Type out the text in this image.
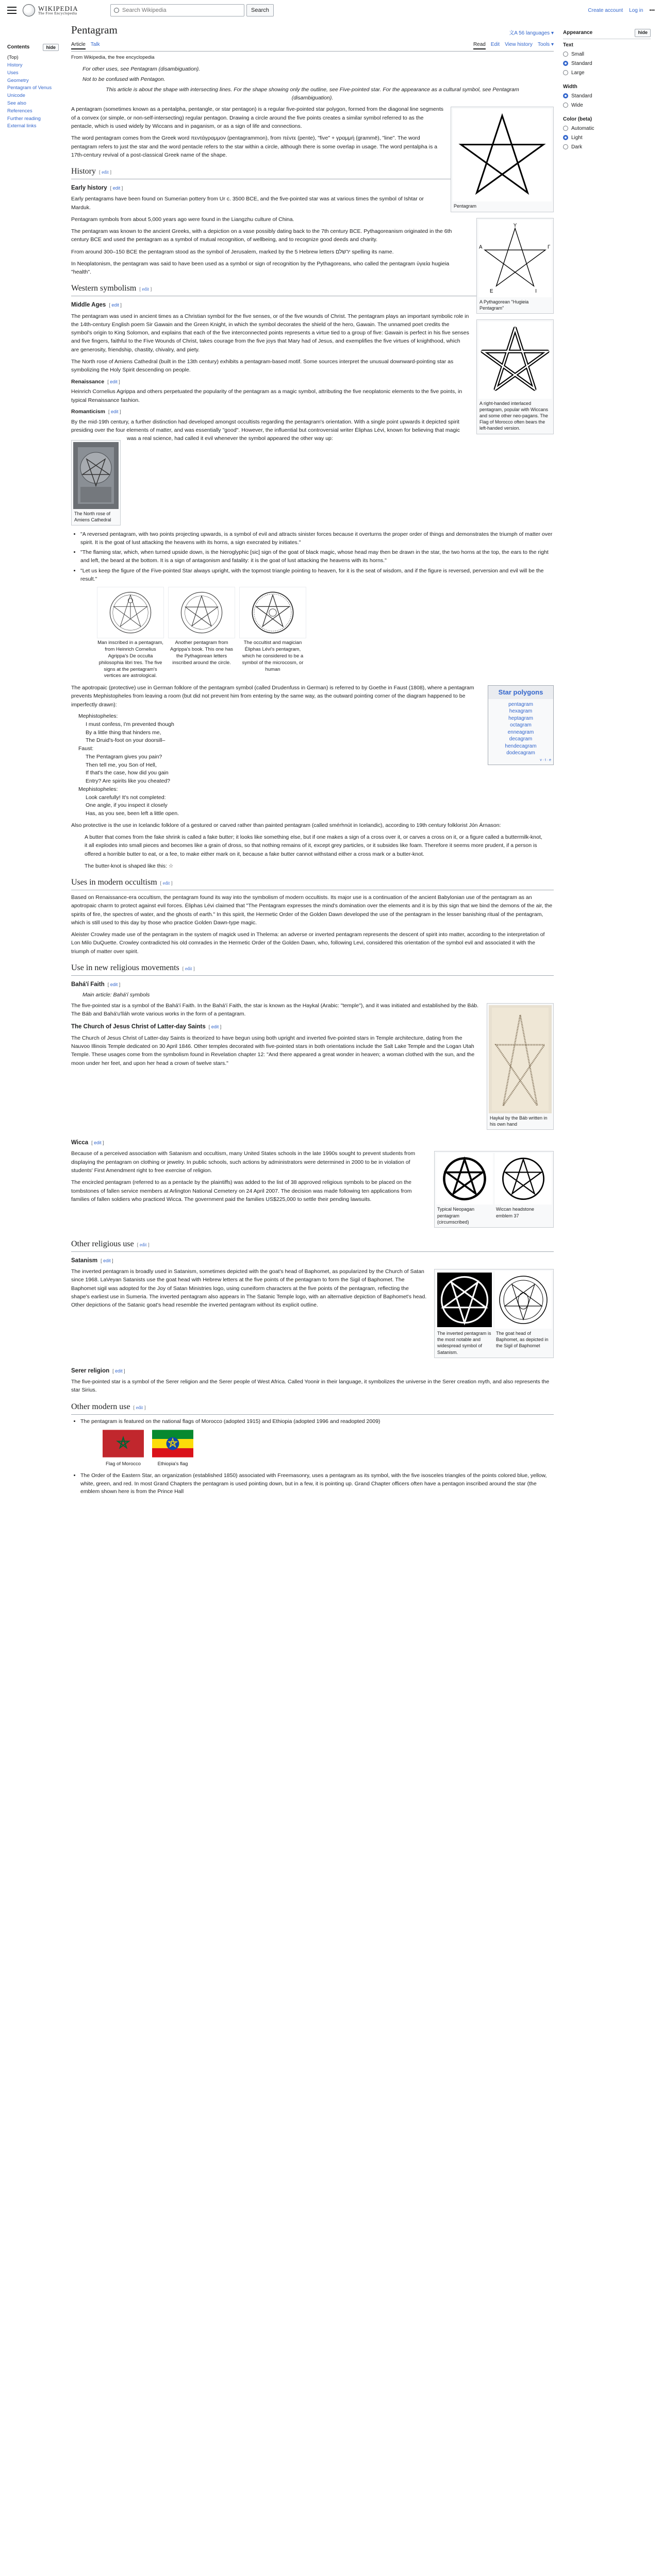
WIKIPEDIA
The Free Encyclopedia
Search Wikipedia	Search	Create account Log in •••
Contents	hide
(Top)
History
Uses
Geometry
Pentagram of Venus
Unicode
See also
References
Further reading
External links
Pentagram	文A 56 languages ▾
Article Talk	Read Edit View history Tools ▾
From Wikipedia, the free encyclopedia
For other uses, see Pentagram (disambiguation).
Not to be confused with Pentagon.
This article is about the shape with intersecting lines. For the shape showing only the outline, see Five-pointed star. For the appearance as a cultural symbol, see Pentagram (disambiguation).
Pentagram

A pentagram (sometimes known as a pentalpha, pentangle, or star pentagon) is a regular five-pointed star polygon, formed from the diagonal line segments of a convex (or simple, or non-self-intersecting) regular pentagon. Drawing a circle around the five points creates a similar symbol referred to as the pentacle, which is used widely by Wiccans and in paganism, or as a sign of life and connections.

The word pentagram comes from the Greek word πεντάγραμμον (pentagrammon), from πέντε (pente), "five" + γραμμή (grammē), "line". The word pentagram refers to just the star and the word pentacle refers to the star within a circle, although there is some overlap in usage. The word pentalpha is a 17th-century revival of a post-classical Greek name of the shape.

History [ edit ]
Early history [ edit ]

Early pentagrams have been found on Sumerian pottery from Ur c. 3500 BCE, and the five-pointed star was at various times the symbol of Ishtar or Marduk.

Υ
Γ
Ι
Ε
Α
A Pythagorean "Hugieia Pentagram"

Pentagram symbols from about 5,000 years ago were found in the Liangzhu culture of China.

The pentagram was known to the ancient Greeks, with a depiction on a vase possibly dating back to the 7th century BCE. Pythagoreanism originated in the 6th century BCE and used the pentagram as a symbol of mutual recognition, of wellbeing, and to recognize good deeds and charity.

From around 300–150 BCE the pentagram stood as the symbol of Jerusalem, marked by the 5 Hebrew letters ירשלם spelling its name.

In Neoplatonism, the pentagram was said to have been used as a symbol or sign of recognition by the Pythagoreans, who called the pentagram ὑγιεία hugieia "health".

Western symbolism [ edit ]
A right-handed interlaced pentagram, popular with Wiccans and some other neo-pagans. The Flag of Morocco often bears the left-handed version.
Middle Ages [ edit ]

The pentagram was used in ancient times as a Christian symbol for the five senses, or of the five wounds of Christ. The pentagram plays an important symbolic role in the 14th-century English poem Sir Gawain and the Green Knight, in which the symbol decorates the shield of the hero, Gawain. The unnamed poet credits the symbol's origin to King Solomon, and explains that each of the five interconnected points represents a virtue tied to a group of five: Gawain is perfect in his five senses and five fingers, faithful to the Five Wounds of Christ, takes courage from the five joys that Mary had of Jesus, and exemplifies the five virtues of knighthood, which are generosity, friendship, chastity, chivalry, and piety.

The North rose of Amiens Cathedral

The North rose of Amiens Cathedral (built in the 13th century) exhibits a pentagram-based motif. Some sources interpret the unusual downward-pointing star as symbolizing the Holy Spirit descending on people.

Renaissance [ edit ]

Heinrich Cornelius Agrippa and others perpetuated the popularity of the pentagram as a magic symbol, attributing the five neoplatonic elements to the five points, in typical Renaissance fashion.

Romanticism [ edit ]

By the mid-19th century, a further distinction had developed amongst occultists regarding the pentagram's orientation. With a single point upwards it depicted spirit presiding over the four elements of matter, and was essentially "good". However, the influential but controversial writer Éliphas Lévi, known for believing that magic was a real science, had called it evil whenever the symbol appeared the other way up:

• "A reversed pentagram, with two points projecting upwards, is a symbol of evil and attracts sinister forces because it overturns the proper order of things and demonstrates the triumph of matter over spirit. It is the goat of lust attacking the heavens with its horns, a sign execrated by initiates."
• "The flaming star, which, when turned upside down, is the hieroglyphic [sic] sign of the goat of black magic, whose head may then be drawn in the star, the two horns at the top, the ears to the right and left, the beard at the bottom. It is a sign of antagonism and fatality: it is the goat of lust attacking the heavens with its horns."
• "Let us keep the figure of the Five-pointed Star always upright, with the topmost triangle pointing to heaven, for it is the seat of wisdom, and if the figure is reversed, perversion and evil will be the result."
Man inscribed in a pentagram, from Heinrich Cornelius Agrippa's De occulta philosophia libri tres. The five signs at the pentagram's vertices are astrological.
Another pentagram from Agrippa's book. This one has the Pythagorean letters inscribed around the circle.
The occultist and magician Éliphas Lévi's pentagram, which he considered to be a symbol of the microcosm, or human
Star polygons
pentagram
hexagram
heptagram
octagram
enneagram
decagram
hendecagram
dodecagram
v · t · e

The apotropaic (protective) use in German folklore of the pentagram symbol (called Drudenfuss in German) is referred to by Goethe in Faust (1808), where a pentagram prevents Mephistopheles from leaving a room (but did not prevent him from entering by the same way, as the outward pointing corner of the diagram happened to be imperfectly drawn):

Mephistopheles:
I must confess, I'm prevented though
By a little thing that hinders me,
The Druid's-foot on your doorsill–
Faust:
The Pentagram gives you pain?
Then tell me, you Son of Hell,
If that's the case, how did you gain
Entry? Are spirits like you cheated?
Mephistopheles:
Look carefully! It's not completed:
One angle, if you inspect it closely
Has, as you see, been left a little open.

Also protective is the use in Icelandic folklore of a gestured or carved rather than painted pentagram (called smérhnút in Icelandic), according to 19th century folklorist Jón Árnason:

A butter that comes from the fake shrink is called a fake butter; it looks like something else, but if one makes a sign of a cross over it, or carves a cross on it, or a figure called a buttermilk-knot, it all explodes into small pieces and becomes like a grain of dross, so that nothing remains of it, except grey particles, or it subsides like foam. Therefore it seems more prudent, if a person is offered a horrible butter to eat, or a fee, to make either mark on it, because a fake butter cannot withstand either a cross mark or a butter-knot.

The butter-knot is shaped like this: ☆

Uses in modern occultism [ edit ]

Based on Renaissance-era occultism, the pentagram found its way into the symbolism of modern occultists. Its major use is a continuation of the ancient Babylonian use of the pentagram as an apotropaic charm to protect against evil forces. Éliphas Lévi claimed that "The Pentagram expresses the mind's domination over the elements and it is by this sign that we bind the demons of the air, the spirits of fire, the spectres of water, and the ghosts of earth." In this spirit, the Hermetic Order of the Golden Dawn developed the use of the pentagram in the lesser banishing ritual of the pentagram, which is still used to this day by those who practice Golden Dawn-type magic.

Aleister Crowley made use of the pentagram in the system of magick used in Thelema: an adverse or inverted pentagram represents the descent of spirit into matter, according to the interpretation of Lon Milo DuQuette. Crowley contradicted his old comrades in the Hermetic Order of the Golden Dawn, who, following Levi, considered this orientation of the symbol evil and associated it with the triumph of matter over spirit.

Use in new religious movements [ edit ]
Bahá'í Faith [ edit ]
Main article: Bahá'í symbols
Haykal by the Báb written in his own hand

The five-pointed star is a symbol of the Bahá'í Faith. In the Bahá'í Faith, the star is known as the Haykal (Arabic: "temple"), and it was initiated and established by the Báb. The Báb and Bahá'u'lláh wrote various works in the form of a pentagram.

The Church of Jesus Christ of Latter-day Saints [ edit ]

The Church of Jesus Christ of Latter-day Saints is theorized to have begun using both upright and inverted five-pointed stars in Temple architecture, dating from the Nauvoo Illinois Temple dedicated on 30 April 1846. Other temples decorated with five-pointed stars in both orientations include the Salt Lake Temple and the Logan Utah Temple. These usages come from the symbolism found in Revelation chapter 12: "And there appeared a great wonder in heaven; a woman clothed with the sun, and the moon under her feet, and upon her head a crown of twelve stars."

Wicca [ edit ]
Typical Neopagan pentagram (circumscribed)
Wiccan headstone emblem 37

Because of a perceived association with Satanism and occultism, many United States schools in the late 1990s sought to prevent students from displaying the pentagram on clothing or jewelry. In public schools, such actions by administrators were determined in 2000 to be in violation of students' First Amendment right to free exercise of religion.

The encircled pentagram (referred to as a pentacle by the plaintiffs) was added to the list of 38 approved religious symbols to be placed on the tombstones of fallen service members at Arlington National Cemetery on 24 April 2007. The decision was made following ten applications from families of fallen soldiers who practiced Wicca. The government paid the families US$225,000 to settle their pending lawsuits.

Other religious use [ edit ]
Satanism [ edit ]
The inverted pentagram is the most notable and widespread symbol of Satanism.
The goat head of Baphomet, as depicted in the Sigil of Baphomet

The inverted pentagram is broadly used in Satanism, sometimes depicted with the goat's head of Baphomet, as popularized by the Church of Satan since 1968. LaVeyan Satanists use the goat head with Hebrew letters at the five points of the pentagram to form the Sigil of Baphomet. The Baphomet sigil was adopted for the Joy of Satan Ministries logo, using cuneiform characters at the five points of the pentagram, reflecting the shape's earliest use in Sumeria. The inverted pentagram also appears in The Satanic Temple logo, with an alternative depiction of Baphomet's head. Other depictions of the Satanic goat's head resemble the inverted pentagram without its explicit outline.

Serer religion [ edit ]

The five-pointed star is a symbol of the Serer religion and the Serer people of West Africa. Called Yoonir in their language, it symbolizes the universe in the Serer creation myth, and also represents the star Sirius.

Other modern use [ edit ]
• The pentagram is featured on the national flags of Morocco (adopted 1915) and Ethiopia (adopted 1996 and readopted 2009)
Flag of Morocco	Ethiopia's flag
• The Order of the Eastern Star, an organization (established 1850) associated with Freemasonry, uses a pentagram as its symbol, with the five isosceles triangles of the points colored blue, yellow, white, green, and red. In most Grand Chapters the pentagram is used pointing down, but in a few, it is pointing up. Grand Chapter officers often have a pentagon inscribed around the star (the emblem shown here is from the Prince Hall
Appearance	hide
Text
Small
Standard
Large
Width
Standard
Wide
Color (beta)
Automatic
Light
Dark
